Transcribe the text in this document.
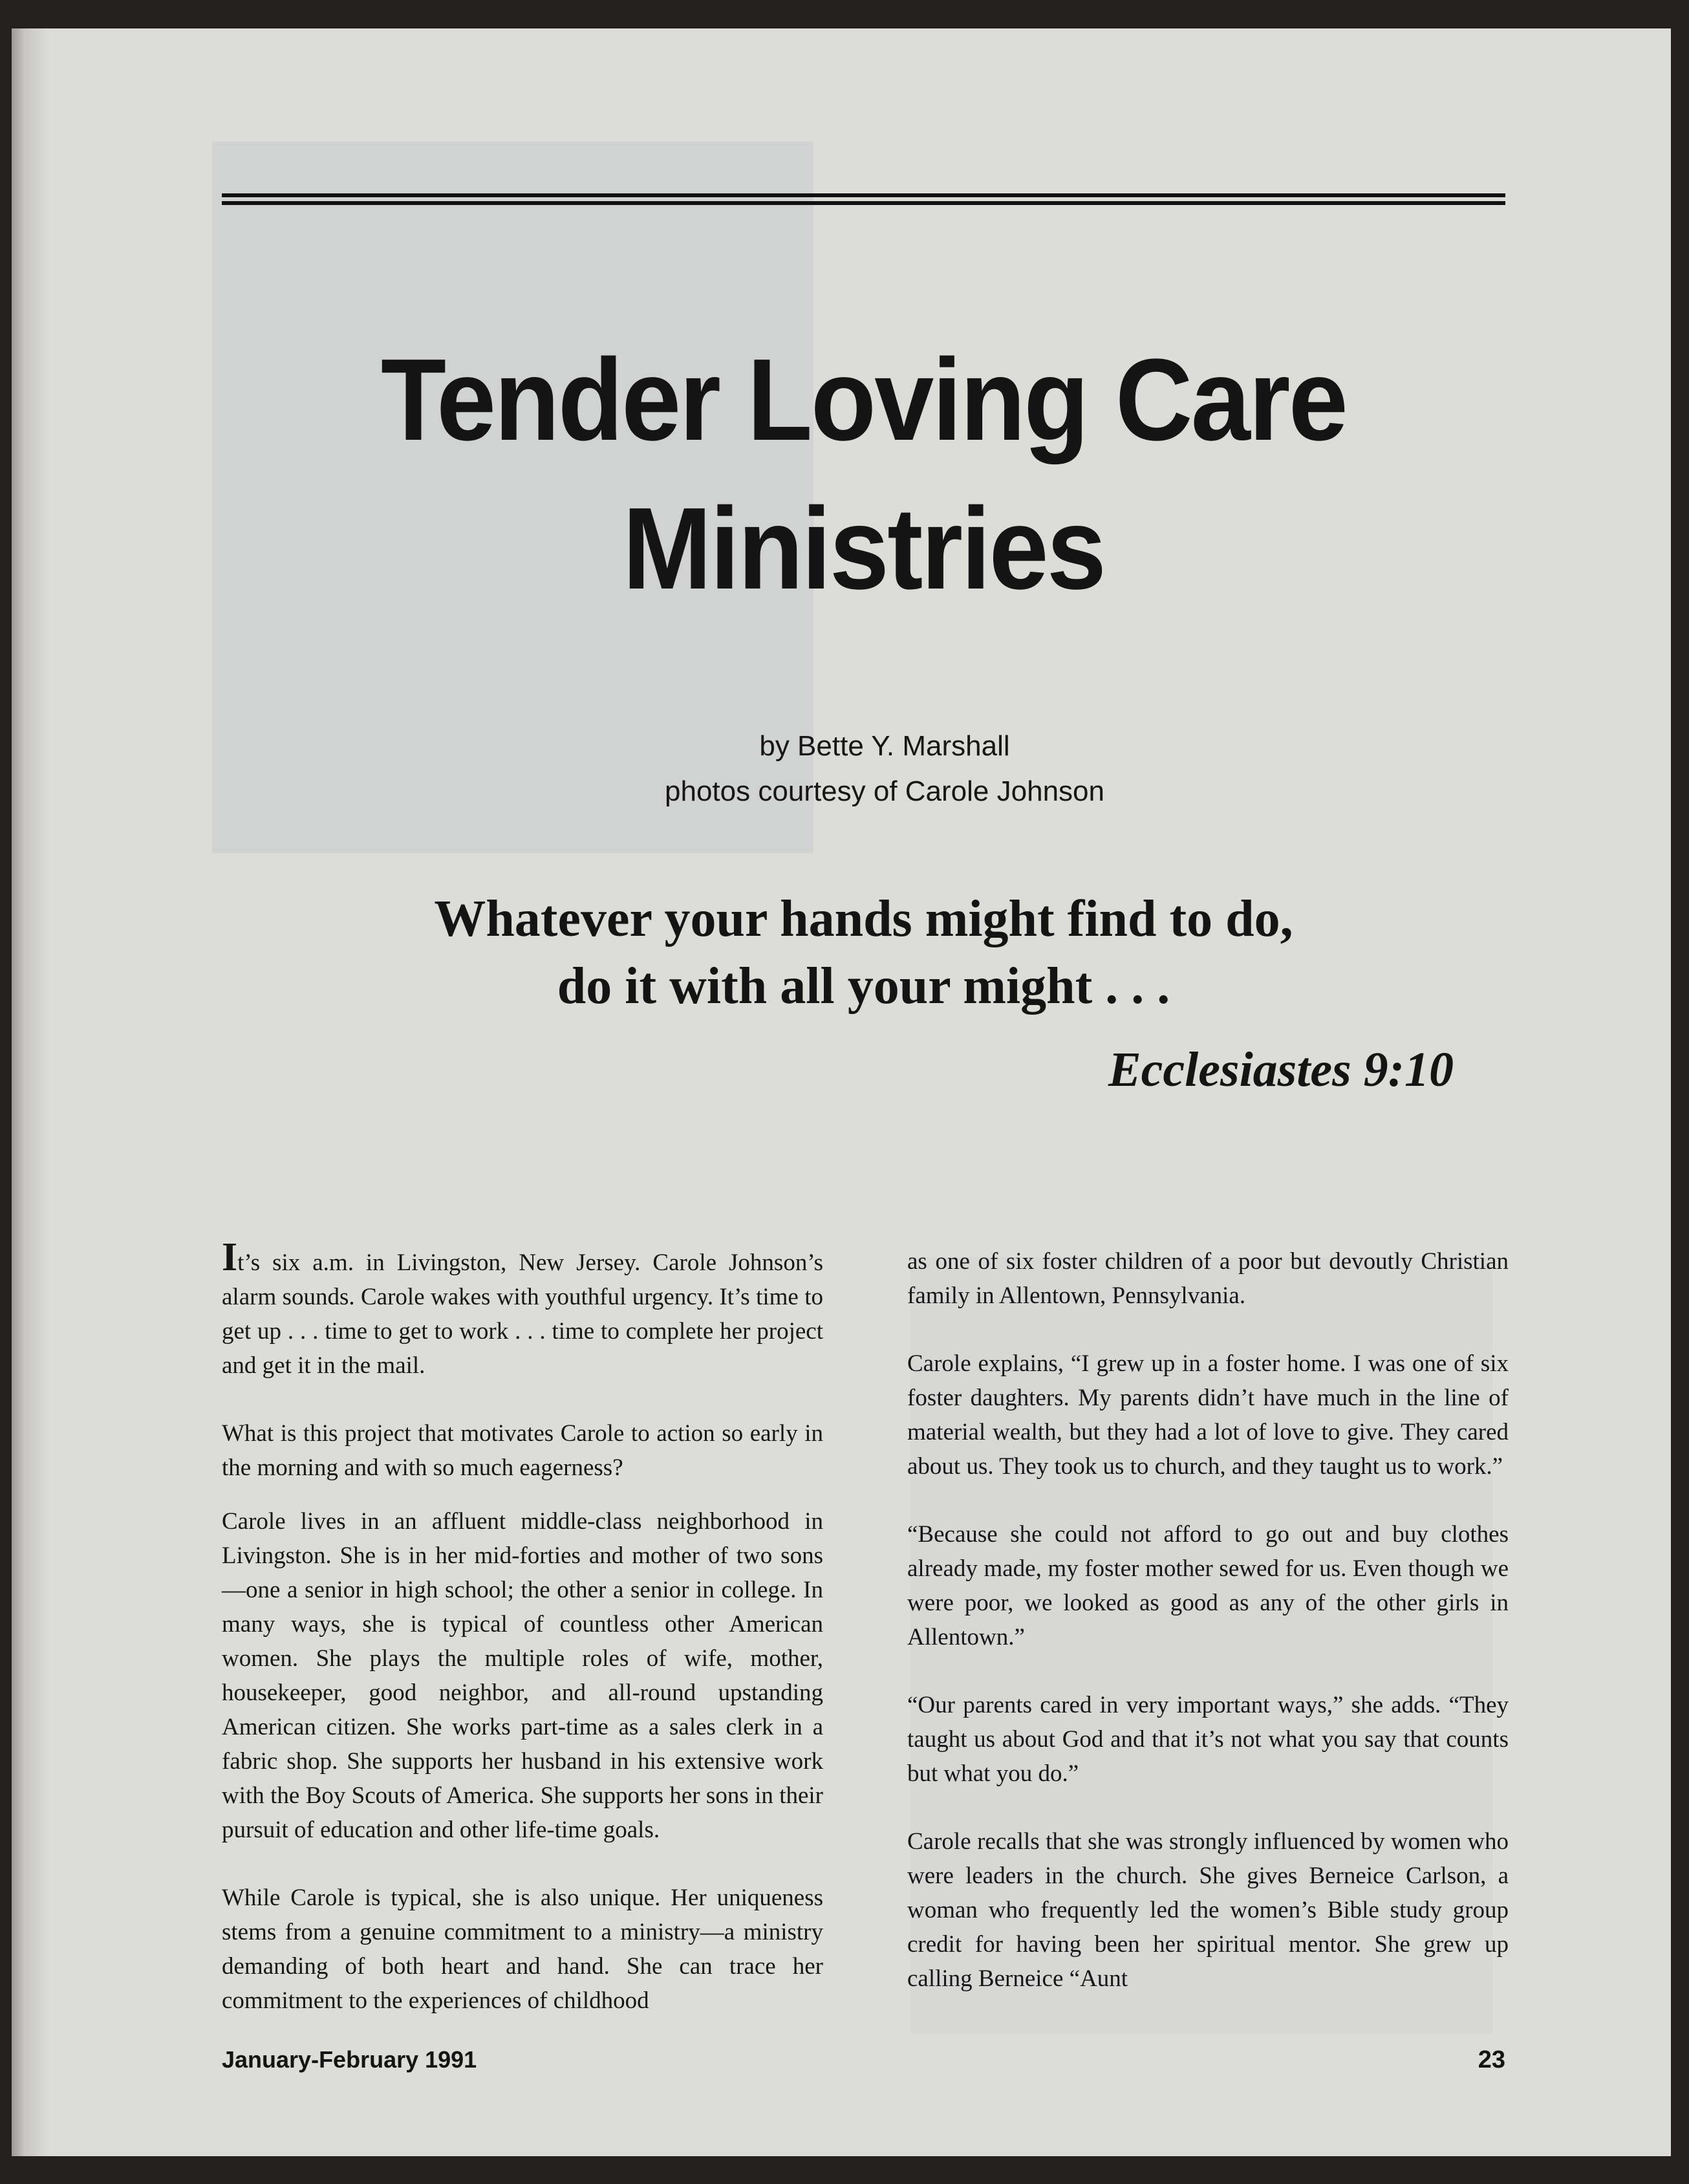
Tender Loving Care
Ministries
by Bette Y. Marshall
photos courtesy of Carole Johnson
Whatever your hands might find to do,
do it with all your might . . .
Ecclesiastes 9:10

It’s six a.m. in Livingston, New Jersey. Carole Johnson’s alarm sounds. Carole wakes with youthful urgency. It’s time to get up . . . time to get to work . . . time to complete her project and get it in the mail.

What is this project that motivates Carole to action so early in the morning and with so much eagerness?

Carole lives in an affluent middle-class neighborhood in Livingston. She is in her mid-forties and mother of two sons—one a senior in high school; the other a senior in college. In many ways, she is typical of countless other American women. She plays the multiple roles of wife, mother, housekeeper, good neighbor, and all-round upstanding American citizen. She works part-time as a sales clerk in a fabric shop. She supports her husband in his extensive work with the Boy Scouts of America. She supports her sons in their pursuit of education and other life-time goals.

While Carole is typical, she is also unique. Her uniqueness stems from a genuine commitment to a ministry—a ministry demanding of both heart and hand. She can trace her commitment to the experiences of childhood

as one of six foster children of a poor but devoutly Christian family in Allentown, Pennsylvania.

Carole explains, “I grew up in a foster home. I was one of six foster daughters. My parents didn’t have much in the line of material wealth, but they had a lot of love to give. They cared about us. They took us to church, and they taught us to work.”

“Because she could not afford to go out and buy clothes already made, my foster mother sewed for us. Even though we were poor, we looked as good as any of the other girls in Allentown.”

“Our parents cared in very important ways,” she adds. “They taught us about God and that it’s not what you say that counts but what you do.”

Carole recalls that she was strongly influenced by women who were leaders in the church. She gives Berneice Carlson, a woman who frequently led the women’s Bible study group credit for having been her spiritual mentor. She grew up calling Berneice “Aunt

January-February 1991	23
